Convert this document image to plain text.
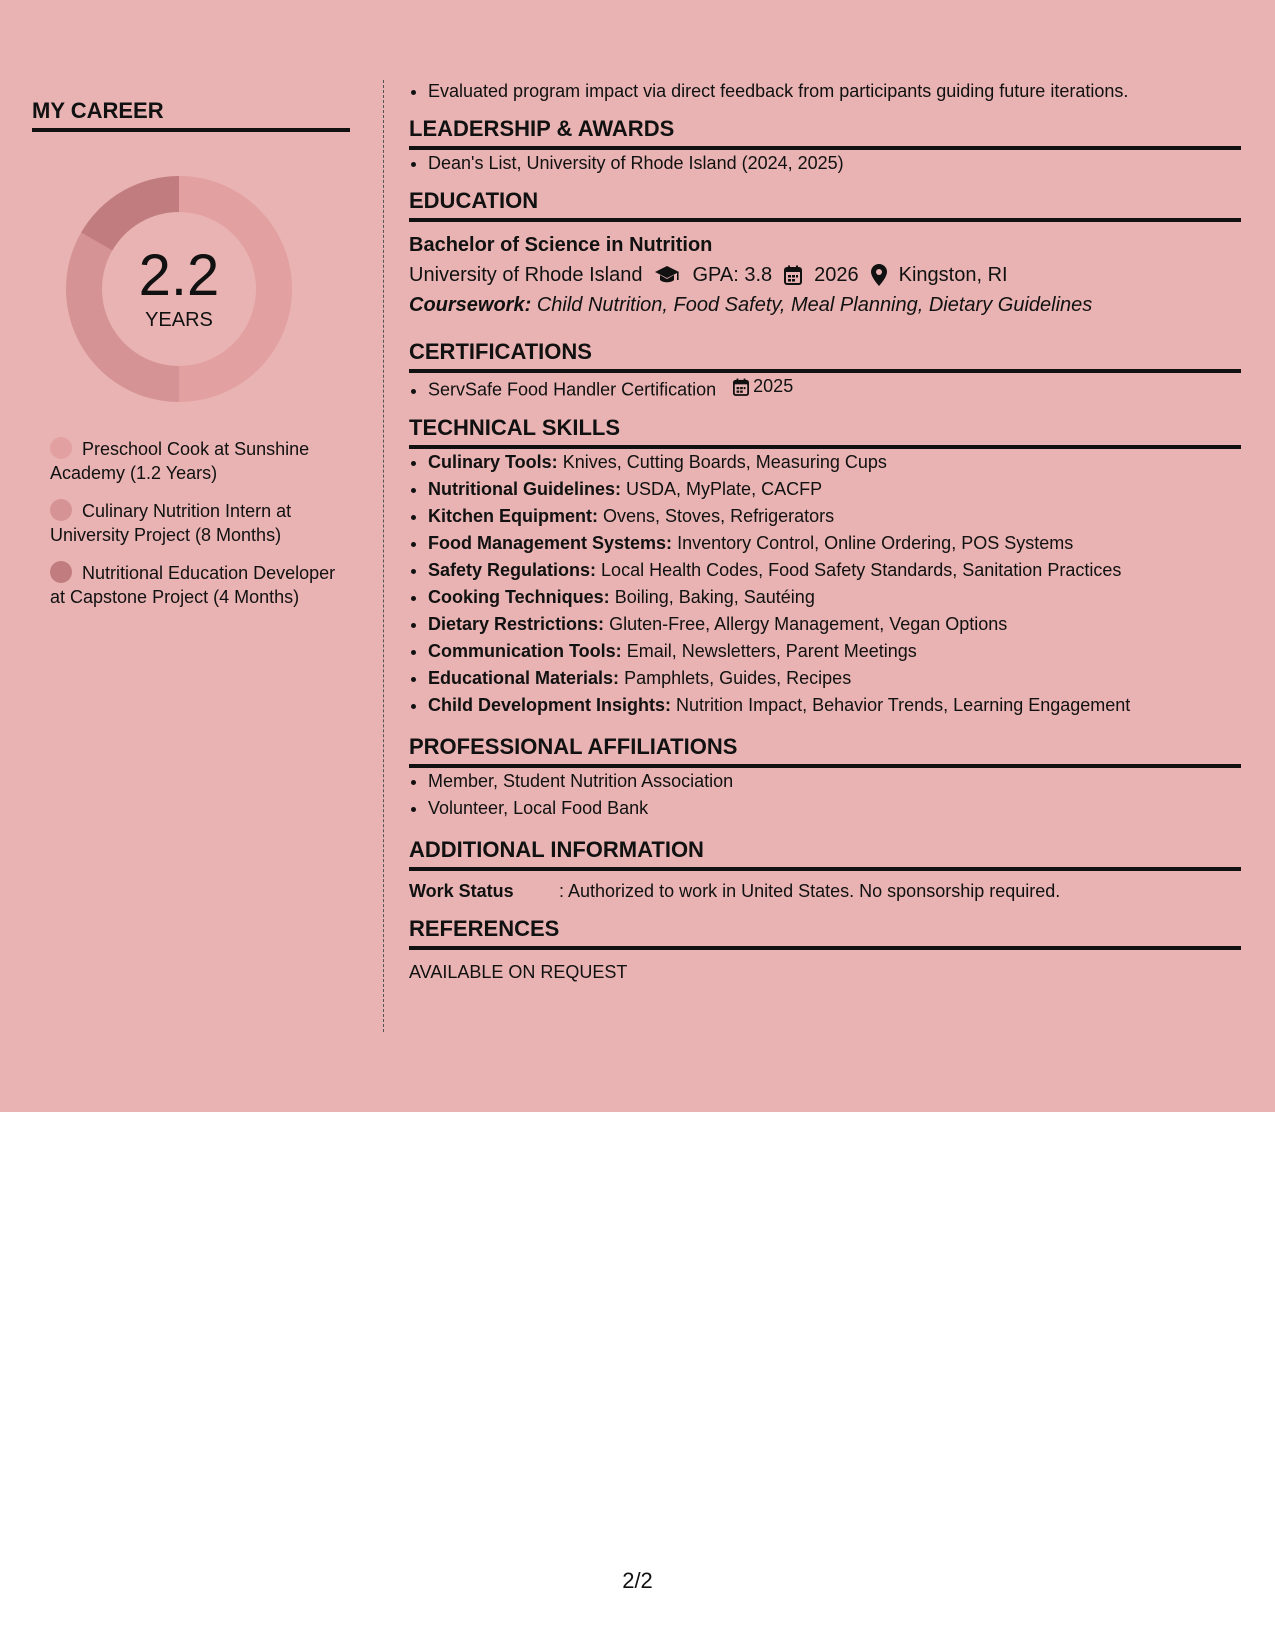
MY CAREER
2.2
YEARS
Preschool Cook at Sunshine Academy (1.2 Years)
Culinary Nutrition Intern at University Project (8 Months)
Nutritional Education Developer at Capstone Project (4 Months)
• Evaluated program impact via direct feedback from participants guiding future iterations.
LEADERSHIP & AWARDS
• Dean's List, University of Rhode Island (2024, 2025)
EDUCATION
Bachelor of Science in Nutrition
University of Rhode Island	GPA: 3.8 2026 Kingston, RI
Coursework: Child Nutrition, Food Safety, Meal Planning, Dietary Guidelines
CERTIFICATIONS
• ServSafe Food Handler Certification 2025
TECHNICAL SKILLS
• Culinary Tools: Knives, Cutting Boards, Measuring Cups
• Nutritional Guidelines: USDA, MyPlate, CACFP
• Kitchen Equipment: Ovens, Stoves, Refrigerators
• Food Management Systems: Inventory Control, Online Ordering, POS Systems
• Safety Regulations: Local Health Codes, Food Safety Standards, Sanitation Practices
• Cooking Techniques: Boiling, Baking, Sautéing
• Dietary Restrictions: Gluten-Free, Allergy Management, Vegan Options
• Communication Tools: Email, Newsletters, Parent Meetings
• Educational Materials: Pamphlets, Guides, Recipes
• Child Development Insights: Nutrition Impact, Behavior Trends, Learning Engagement
PROFESSIONAL AFFILIATIONS
• Member, Student Nutrition Association
• Volunteer, Local Food Bank
ADDITIONAL INFORMATION
Work Status	: Authorized to work in United States. No sponsorship required.
REFERENCES
AVAILABLE ON REQUEST
2/2
